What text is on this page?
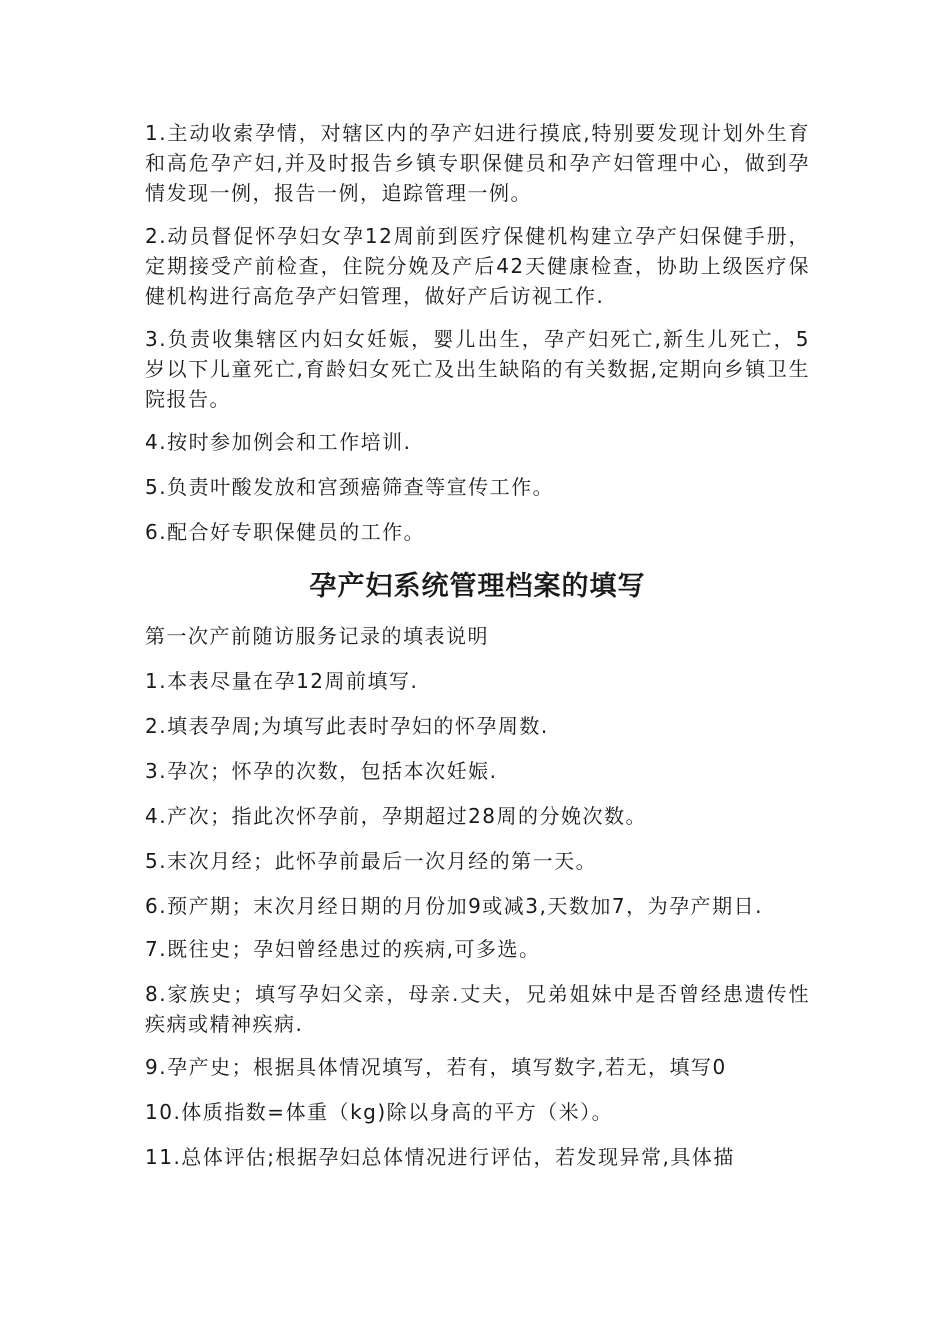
1.主动收索孕情，对辖区内的孕产妇进行摸底,特别要发现计划外生育和高危孕产妇,并及时报告乡镇专职保健员和孕产妇管理中心，做到孕情发现一例，报告一例，追踪管理一例。

2.动员督促怀孕妇女孕12周前到医疗保健机构建立孕产妇保健手册，定期接受产前检查，住院分娩及产后42天健康检查，协助上级医疗保健机构进行高危孕产妇管理，做好产后访视工作.

3.负责收集辖区内妇女妊娠，婴儿出生，孕产妇死亡,新生儿死亡，5岁以下儿童死亡,育龄妇女死亡及出生缺陷的有关数据,定期向乡镇卫生院报告。

4.按时参加例会和工作培训.

5.负责叶酸发放和宫颈癌筛查等宣传工作。

6.配合好专职保健员的工作。

孕产妇系统管理档案的填写

第一次产前随访服务记录的填表说明

1.本表尽量在孕12周前填写.

2.填表孕周;为填写此表时孕妇的怀孕周数.

3.孕次；怀孕的次数，包括本次妊娠.

4.产次；指此次怀孕前，孕期超过28周的分娩次数。

5.末次月经；此怀孕前最后一次月经的第一天。

6.预产期；末次月经日期的月份加9或减3,天数加7，为孕产期日.

7.既往史；孕妇曾经患过的疾病,可多选。

8.家族史；填写孕妇父亲，母亲.丈夫，兄弟姐妹中是否曾经患遗传性疾病或精神疾病.

9.孕产史；根据具体情况填写，若有，填写数字,若无，填写0

10.体质指数=体重（kg)除以身高的平方（米）。

11.总体评估;根据孕妇总体情况进行评估，若发现异常,具体描
